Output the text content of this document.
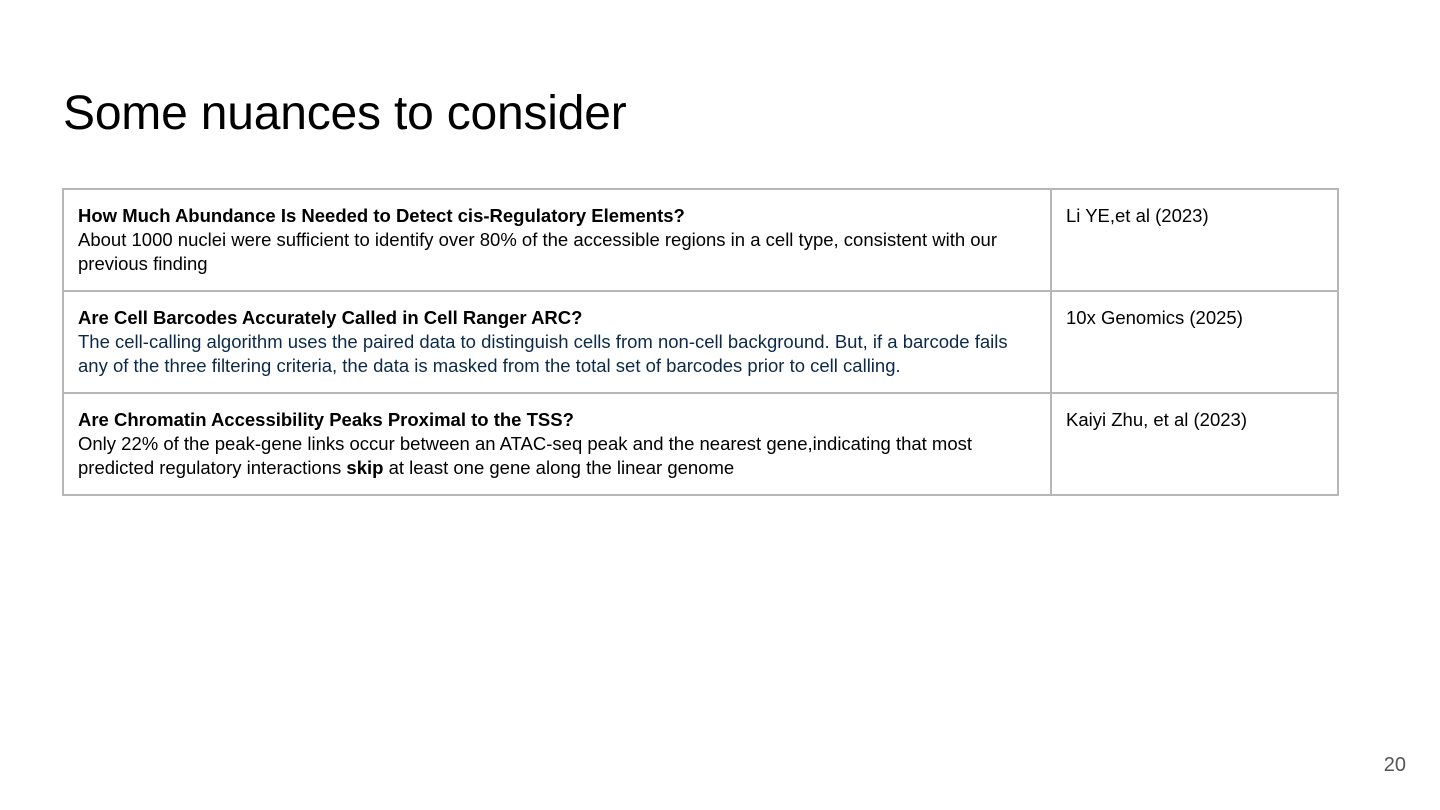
Some nuances to consider
How Much Abundance Is Needed to Detect cis-Regulatory Elements?
About 1000 nuclei were sufficient to identify over 80% of the accessible regions in a cell type, consistent with our previous finding	Li YE,et al (2023)

Are Cell Barcodes Accurately Called in Cell Ranger ARC?
The cell-calling algorithm uses the paired data to distinguish cells from non-cell background. But, if a barcode fails any of the three filtering criteria, the data is masked from the total set of barcodes prior to cell calling.	10x Genomics (2025)

Are Chromatin Accessibility Peaks Proximal to the TSS?
Only 22% of the peak-gene links occur between an ATAC-seq peak and the nearest gene,indicating that most predicted regulatory interactions skip at least one gene along the linear genome	Kaiyi Zhu, et al (2023)
20
